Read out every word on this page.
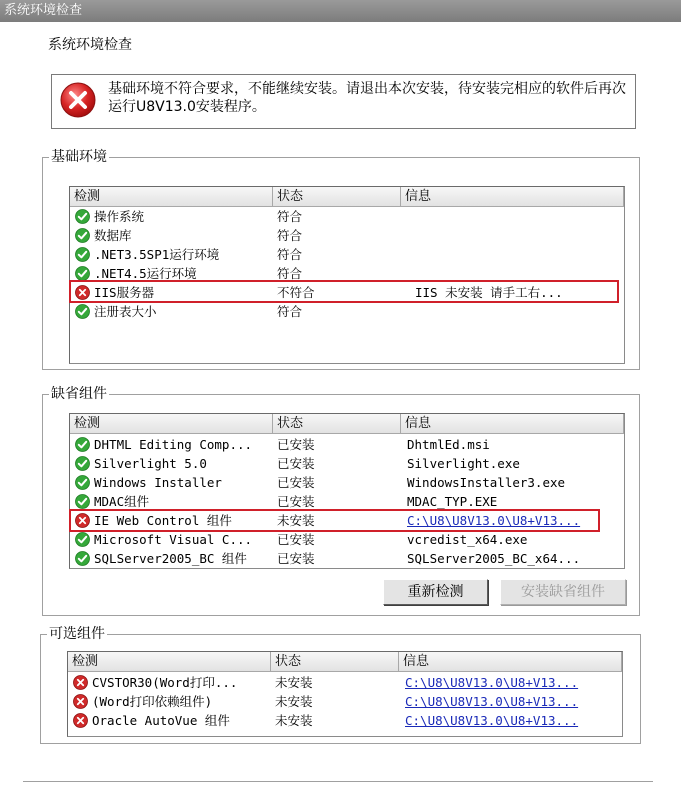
系统环境检查
系统环境检查
基础环境不符合要求，不能继续安装。请退出本次安装，待安装完相应的软件后再次运行U8V13.0安装程序。
基础环境
检测	状态	信息
操作系统	符合
数据库	符合
.NET3.5SP1运行环境	符合
.NET4.5运行环境	符合
IIS服务器	不符合	IIS 未安装 请手工右...
注册表大小	符合
缺省组件
检测	状态	信息
DHTML Editing Comp... 已安装	DhtmlEd.msi
Silverlight 5.0	已安装	Silverlight.exe
Windows Installer	已安装	WindowsInstaller3.exe
MDAC组件	已安装	MDAC_TYP.EXE
IE Web Control 组件	未安装	C:\U8\U8V13.0\U8+V13...
Microsoft Visual C... 已安装	vcredist_x64.exe
SQLServer2005_BC 组件 已安装	SQLServer2005_BC_x64...
重新检测	安装缺省组件
可选组件
检测	状态	信息
CVSTOR30(Word打印...	未安装	C:\U8\U8V13.0\U8+V13...
(Word打印依赖组件)	未安装	C:\U8\U8V13.0\U8+V13...
Oracle AutoVue 组件	未安装	C:\U8\U8V13.0\U8+V13...
